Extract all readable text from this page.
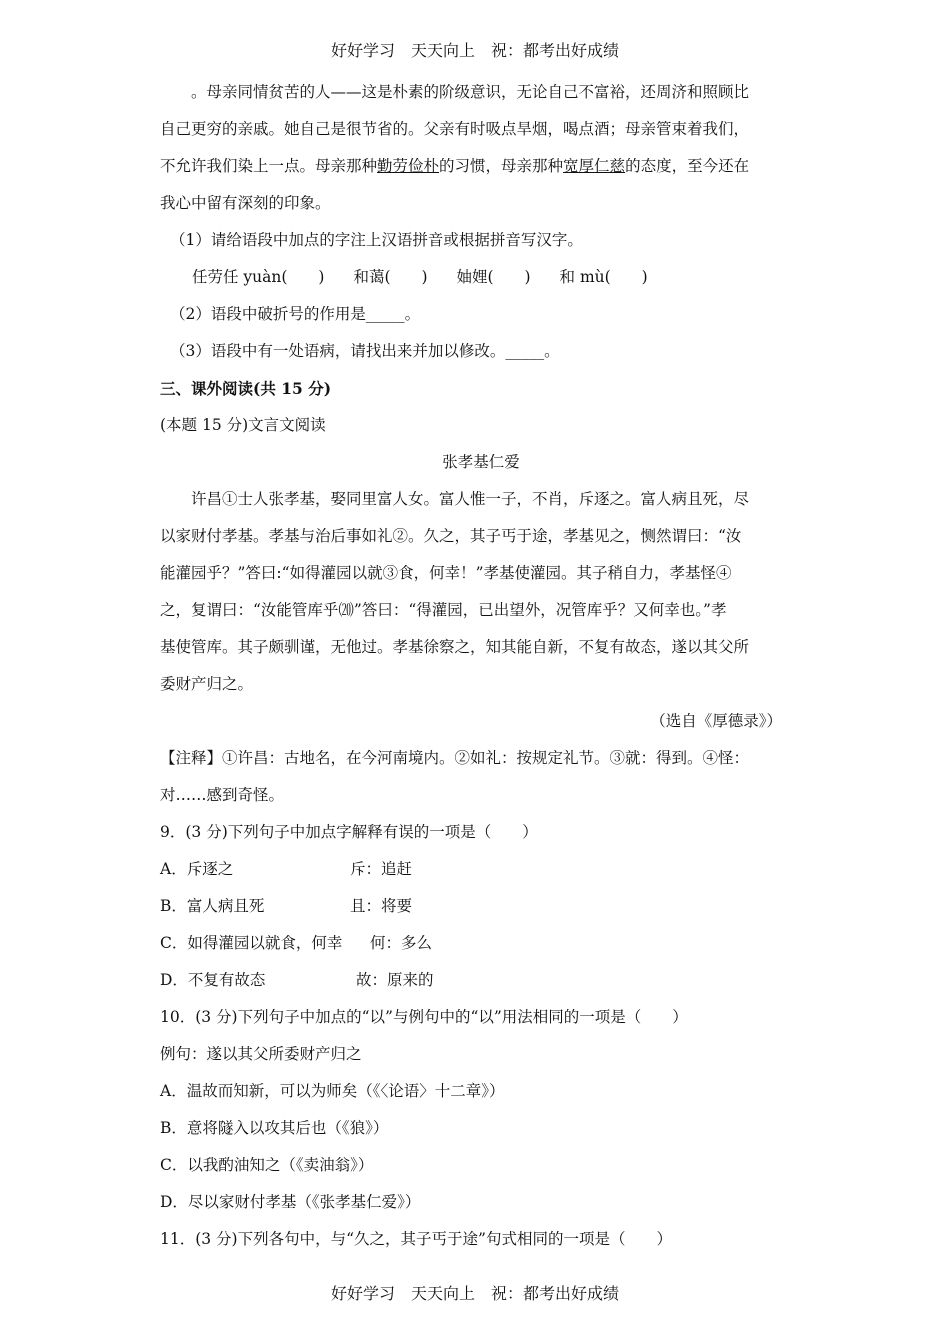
好好学习　天天向上　祝：都考出好成绩

。母亲同情贫苦的人——这是朴素的阶级意识，无论自己不富裕，还周济和照顾比

自己更穷的亲戚。她自己是很节省的。父亲有时吸点旱烟，喝点酒；母亲管束着我们，

不允许我们染上一点。母亲那种勤劳俭朴的习惯，母亲那种宽厚仁慈的态度，至今还在

我心中留有深刻的印象。

（1）请给语段中加点的字注上汉语拼音或根据拼音写汉字。

任劳任 yuàn(　　) 和蔼(　　) 妯娌(　　) 和 mù(　　)

（2）语段中破折号的作用是_____。

（3）语段中有一处语病，请找出来并加以修改。_____。

三、课外阅读(共 15 分)

(本题 15 分)文言文阅读

张孝基仁爱

许昌①士人张孝基，娶同里富人女。富人惟一子，不肖，斥逐之。富人病且死，尽

以家财付孝基。孝基与治后事如礼②。久之，其子丐于途，孝基见之，恻然谓曰：“汝

能灌园乎？”答曰:“如得灌园以就③食，何幸！”孝基使灌园。其子稍自力，孝基怪④

之，复谓曰：“汝能管库乎⒇”答曰：“得灌园，已出望外，况管库乎？又何幸也。”孝

基使管库。其子颇驯谨，无他过。孝基徐察之，知其能自新，不复有故态，遂以其父所

委财产归之。

（选自《厚德录》）

【注释】①许昌：古地名，在今河南境内。②如礼：按规定礼节。③就：得到。④怪：

对……感到奇怪。

9．(3 分)下列句子中加点字解释有误的一项是（　　）

A．斥逐之	斥：追赶

B．富人病且死	且：将要

C．如得灌园以就食，何幸 何：多么

D．不复有故态	故：原来的

10．(3 分)下列句子中加点的“以”与例句中的“以”用法相同的一项是（　　）

例句：遂以其父所委财产归之

A．温故而知新，可以为师矣（《〈论语〉十二章》）

B．意将隧入以攻其后也（《狼》）

C．以我酌油知之（《卖油翁》）

D．尽以家财付孝基（《张孝基仁爱》）

11．(3 分)下列各句中，与“久之，其子丐于途”句式相同的一项是（　　）

好好学习　天天向上　祝：都考出好成绩
